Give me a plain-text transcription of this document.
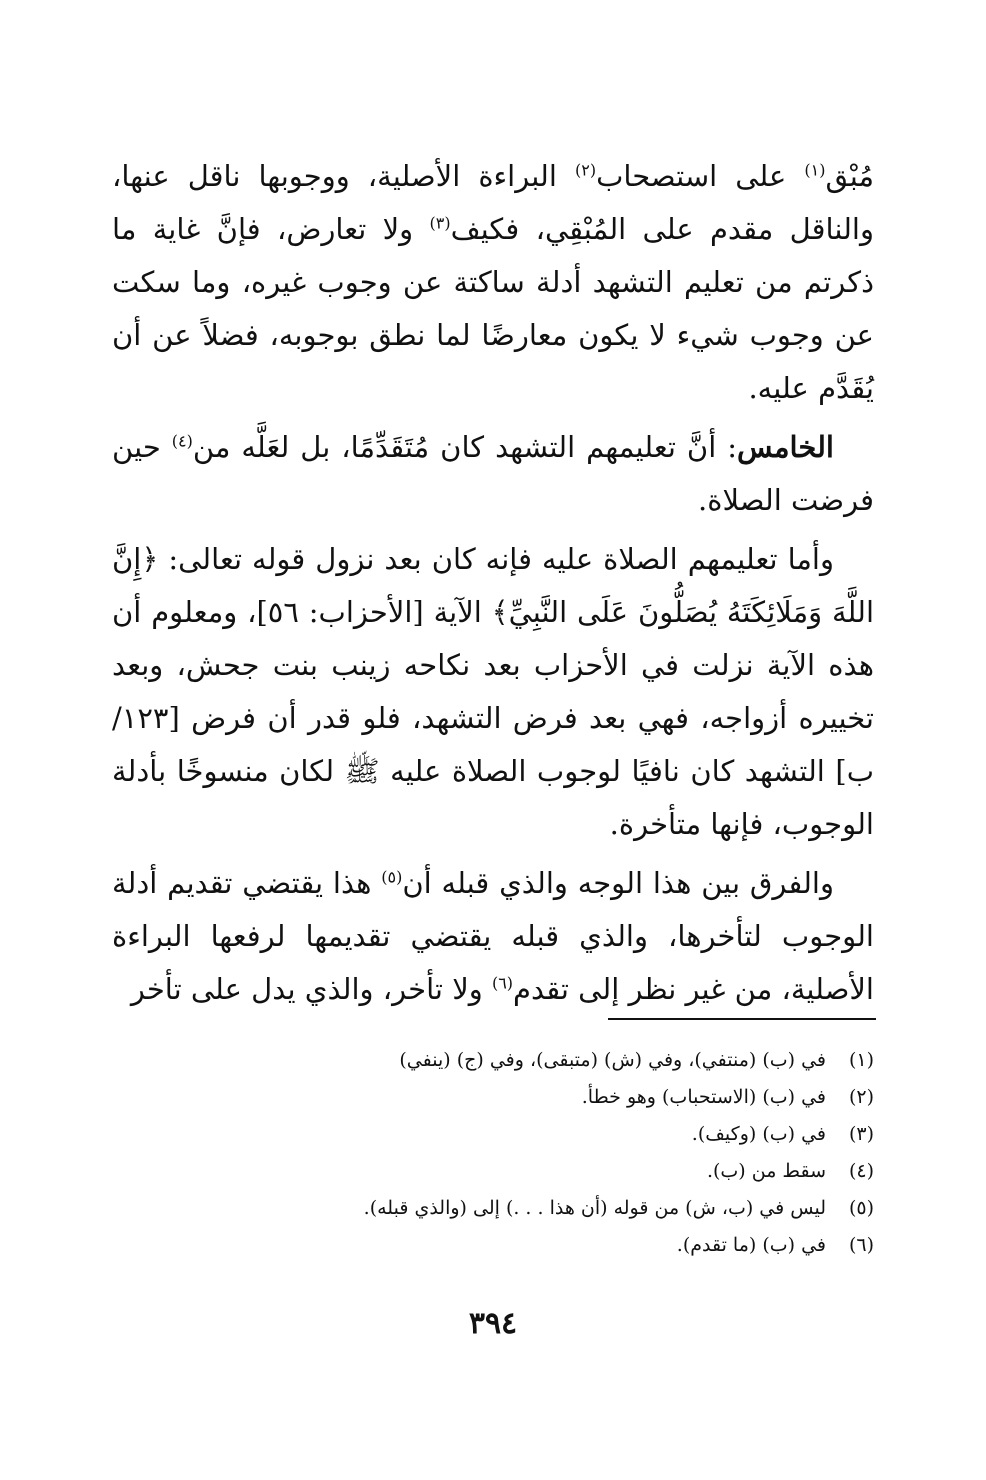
مُبْق$^{(١)}$ على استصحاب$^{(٢)}$ البراءة الأصلية، ووجوبها ناقل عنها، والناقل مقدم على المُبْقِي، فكيف$^{(٣)}$ ولا تعارض، فإنَّ غاية ما ذكرتم من تعليم التشهد أدلة ساكتة عن وجوب غيره، وما سكت عن وجوب شيء لا يكون معارضًا لما نطق بوجوبه، فضلاً عن أن يُقَدَّم عليه.

الخامس: أنَّ تعليمهم التشهد كان مُتَقَدِّمًا، بل لعَلَّه من$^{(٤)}$ حين فرضت الصلاة.

وأما تعليمهم الصلاة عليه فإنه كان بعد نزول قوله تعالى: ﴿إِنَّ اللَّهَ وَمَلَائِكَتَهُ يُصَلُّونَ عَلَى النَّبِيِّ﴾ الآية [الأحزاب: ٥٦]، ومعلوم أن هذه الآية نزلت في الأحزاب بعد نكاحه زينب بنت جحش، وبعد تخييره أزواجه، فهي بعد فرض التشهد، فلو قدر أن فرض [١٢٣/ب] التشهد كان نافيًا لوجوب الصلاة عليه ﷺ لكان منسوخًا بأدلة الوجوب، فإنها متأخرة.

والفرق بين هذا الوجه والذي قبله أن$^{(٥)}$ هذا يقتضي تقديم أدلة الوجوب لتأخرها، والذي قبله يقتضي تقديمها لرفعها البراءة الأصلية، من غير نظر إلى تقدم$^{(٦)}$ ولا تأخر، والذي يدل على تأخر

(١)
في (ب) (منتفي)، وفي (ش) (متبقى)، وفي (ج) (ينفي)
(٢)
في (ب) (الاستحباب) وهو خطأ.
(٣)
في (ب) (وكيف).
(٤)
سقط من (ب).
(٥)
ليس في (ب، ش) من قوله (أن هذا . . .) إلى (والذي قبله).
(٦)
في (ب) (ما تقدم).
٣٩٤
